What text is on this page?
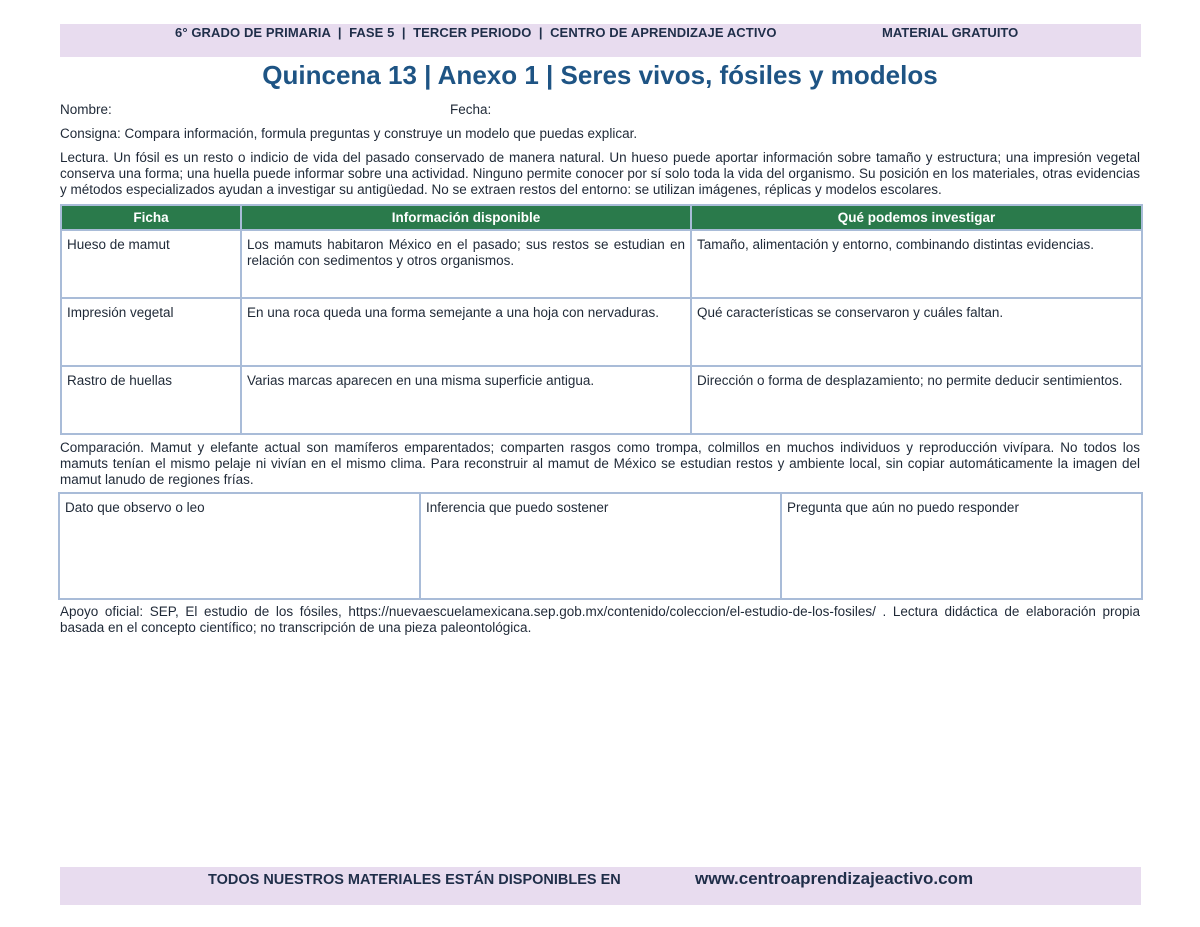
6° GRADO DE PRIMARIA  |  FASE 5  |  TERCER PERIODO  |  CENTRO DE APRENDIZAJE ACTIVO	MATERIAL GRATUITO
Quincena 13 | Anexo 1 | Seres vivos, fósiles y modelos
Nombre:	Fecha:
Consigna: Compara información, formula preguntas y construye un modelo que puedas explicar.
Lectura. Un fósil es un resto o indicio de vida del pasado conservado de manera natural. Un hueso puede aportar información sobre tamaño y estructura; una impresión vegetal conserva una forma; una huella puede informar sobre una actividad. Ninguno permite conocer por sí solo toda la vida del organismo. Su posición en los materiales, otras evidencias y métodos especializados ayudan a investigar su antigüedad. No se extraen restos del entorno: se utilizan imágenes, réplicas y modelos escolares.
Ficha	Información disponible	Qué podemos investigar
Hueso de mamut	Los mamuts habitaron México en el pasado; sus restos se estudian en relación con sedimentos y otros organismos.	Tamaño, alimentación y entorno, combinando distintas evidencias.
Impresión vegetal	En una roca queda una forma semejante a una hoja con nervaduras.	Qué características se conservaron y cuáles faltan.
Rastro de huellas	Varias marcas aparecen en una misma superficie antigua.	Dirección o forma de desplazamiento; no permite deducir sentimientos.
Comparación. Mamut y elefante actual son mamíferos emparentados; comparten rasgos como trompa, colmillos en muchos individuos y reproducción vivípara. No todos los mamuts tenían el mismo pelaje ni vivían en el mismo clima. Para reconstruir al mamut de México se estudian restos y ambiente local, sin copiar automáticamente la imagen del mamut lanudo de regiones frías.
Dato que observo o leo	Inferencia que puedo sostener	Pregunta que aún no puedo responder
Apoyo oficial: SEP, El estudio de los fósiles, https://nuevaescuelamexicana.sep.gob.mx/contenido/coleccion/el-estudio-de-los-fosiles/ . Lectura didáctica de elaboración propia basada en el concepto científico; no transcripción de una pieza paleontológica.
TODOS NUESTROS MATERIALES ESTÁN DISPONIBLES EN	www.centroaprendizajeactivo.com
